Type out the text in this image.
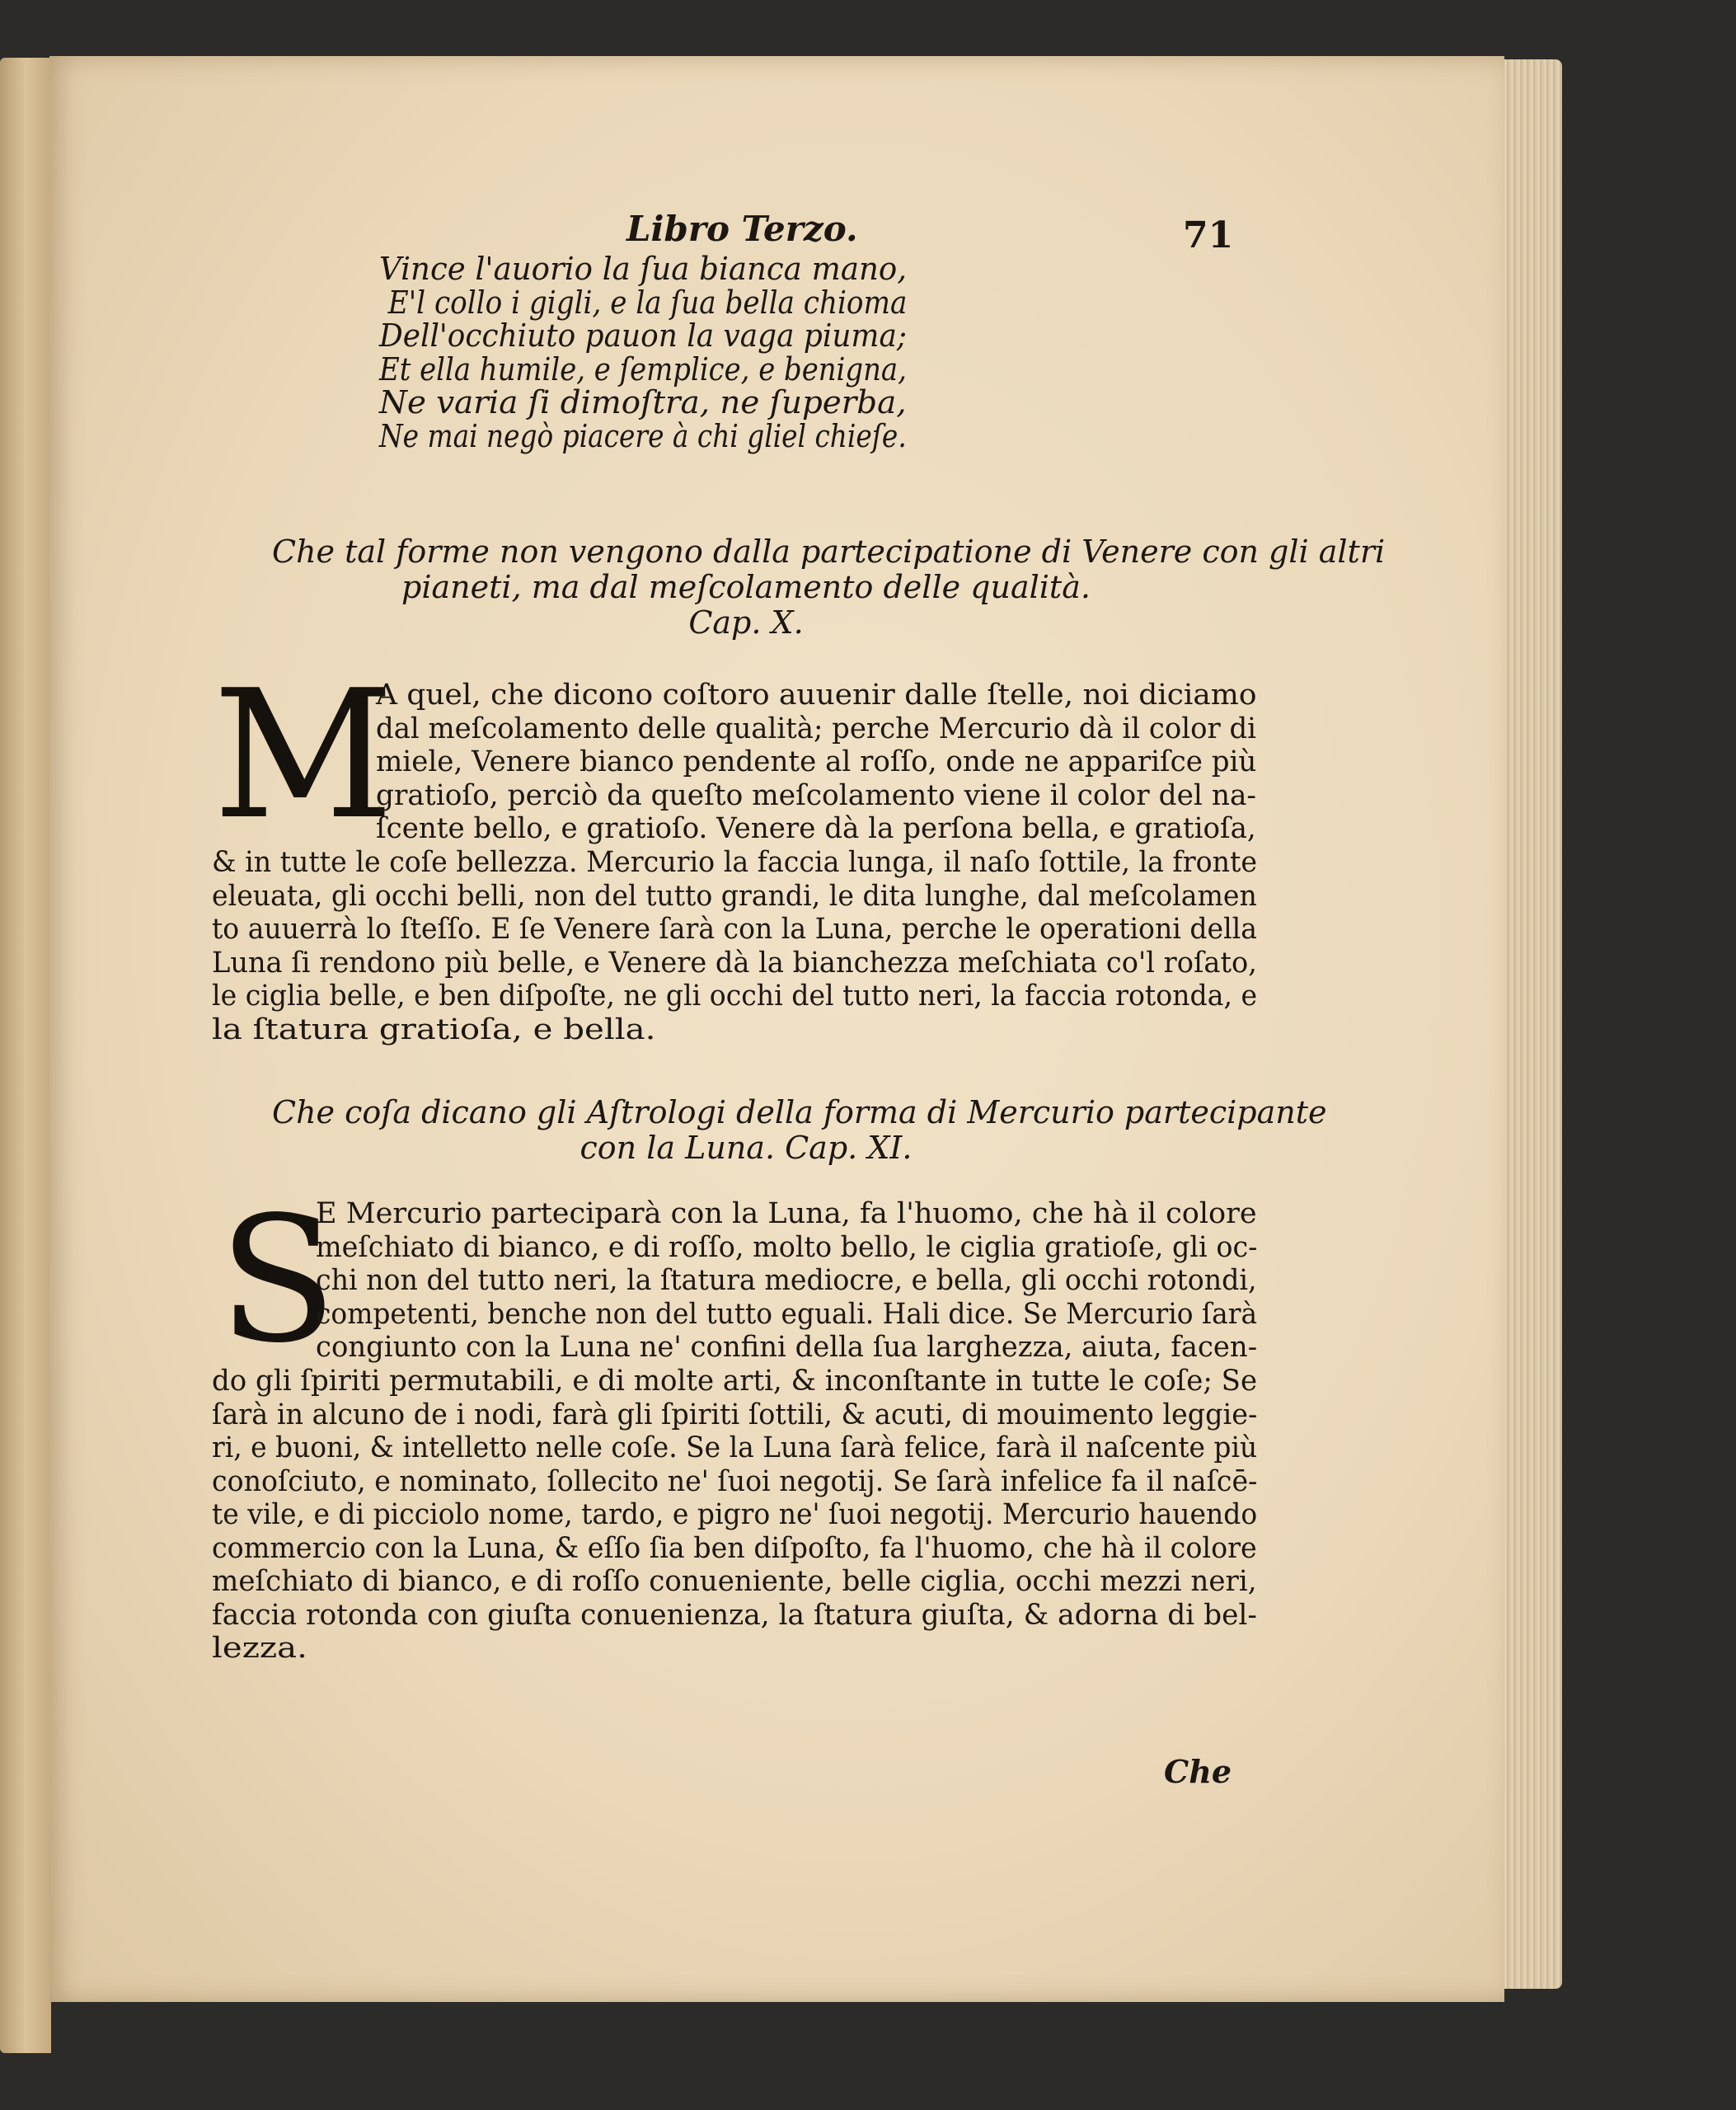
Libro Terzo.	71
Vince l'auorio la ſua bianca mano,
E'l collo i gigli, e la ſua bella chioma
Dell'occhiuto pauon la vaga piuma;
Et ella humile, e ſemplice, e benigna,
Ne varia ſi dimoſtra, ne ſuperba,
Ne mai negò piacere à chi gliel chieſe.
Che tal forme non vengono dalla partecipatione di Venere con gli altri
pianeti, ma dal meſcolamento delle qualità.
Cap. X.
M
A quel, che dicono coſtoro auuenir dalle ſtelle, noi diciamo
dal meſcolamento delle qualità; perche Mercurio dà il color di
miele, Venere bianco pendente al roſſo, onde ne appariſce più
gratioſo, perciò da queſto meſcolamento viene il color del na-
ſcente bello, e gratioſo. Venere dà la perſona bella, e gratioſa,
& in tutte le coſe bellezza. Mercurio la faccia lunga, il naſo ſottile, la fronte
eleuata, gli occhi belli, non del tutto grandi, le dita lunghe, dal meſcolamen
to auuerrà lo ſteſſo. E ſe Venere ſarà con la Luna, perche le operationi della
Luna ſi rendono più belle, e Venere dà la bianchezza meſchiata co'l roſato,
le ciglia belle, e ben diſpoſte, ne gli occhi del tutto neri, la faccia rotonda, e
la ſtatura gratioſa, e bella.
Che coſa dicano gli Aſtrologi della forma di Mercurio partecipante
con la Luna. Cap. XI.
S
E Mercurio parteciparà con la Luna, fa l'huomo, che hà il colore
meſchiato di bianco, e di roſſo, molto bello, le ciglia gratioſe, gli oc-
chi non del tutto neri, la ſtatura mediocre, e bella, gli occhi rotondi,
competenti, benche non del tutto eguali. Hali dice. Se Mercurio ſarà
congiunto con la Luna ne' confini della ſua larghezza, aiuta, facen-
do gli ſpiriti permutabili, e di molte arti, & inconſtante in tutte le coſe; Se
ſarà in alcuno de i nodi, farà gli ſpiriti ſottili, & acuti, di mouimento leggie-
ri, e buoni, & intelletto nelle coſe. Se la Luna ſarà felice, farà il naſcente più
conoſciuto, e nominato, ſollecito ne' ſuoi negotij. Se ſarà infelice fa il naſcē-
te vile, e di picciolo nome, tardo, e pigro ne' ſuoi negotij. Mercurio hauendo
commercio con la Luna, & eſſo ſia ben diſpoſto, fa l'huomo, che hà il colore
meſchiato di bianco, e di roſſo conueniente, belle ciglia, occhi mezzi neri,
faccia rotonda con giuſta conuenienza, la ſtatura giuſta, & adorna di bel-
lezza.
Che
